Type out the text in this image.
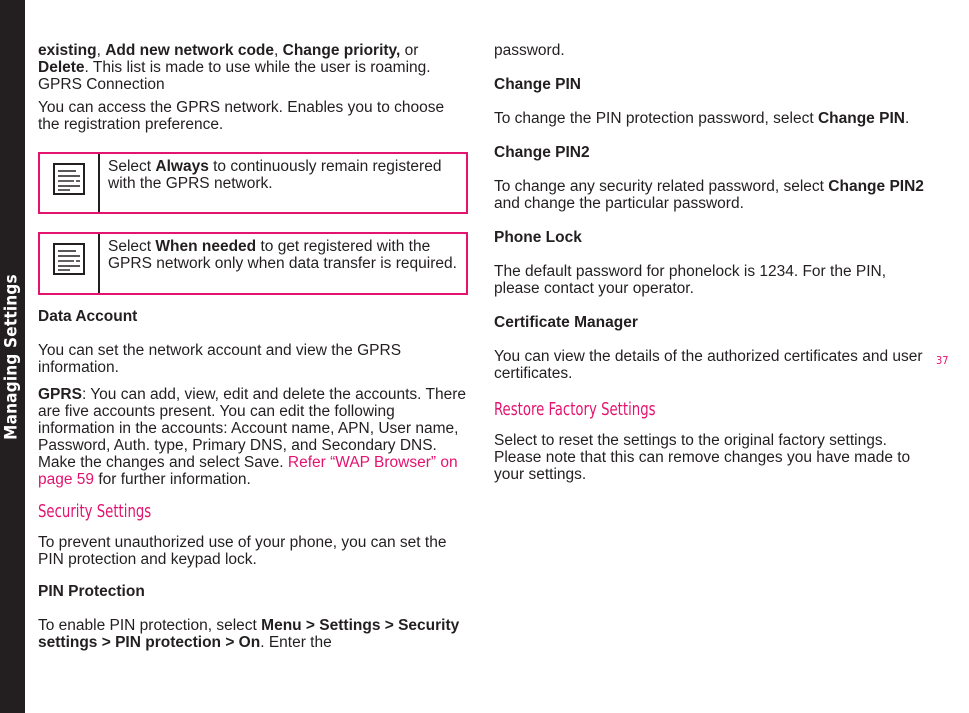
Managing Settings	37

existing, Add new network code, Change priority, or Delete. This list is made to use while the user is roaming.
GPRS Connection

You can access the GPRS network. Enables you to choose the registration preference.

Select Always to continuously remain registered with the GPRS network.
Select When needed to get registered with the GPRS network only when data transfer is required.

Data Account

You can set the network account and view the GPRS information.

GPRS: You can add, view, edit and delete the accounts. There are five accounts present. You can edit the following information in the accounts: Account name, APN, User name, Password, Auth. type, Primary DNS, and Secondary DNS. Make the changes and select Save. Refer “WAP Browser” on page 59 for further information.

Security Settings

To prevent unauthorized use of your phone, you can set the PIN protection and keypad lock.

PIN Protection

To enable PIN protection, select Menu > Settings > Security settings > PIN protection > On. Enter the

password.

Change PIN

To change the PIN protection password, select Change PIN.

Change PIN2

To change any security related password, select Change PIN2 and change the particular password.

Phone Lock

The default password for phonelock is 1234. For the PIN, please contact your operator.

Certificate Manager

You can view the details of the authorized certificates and user certificates.

Restore Factory Settings

Select to reset the settings to the original factory settings. Please note that this can remove changes you have made to your settings.
